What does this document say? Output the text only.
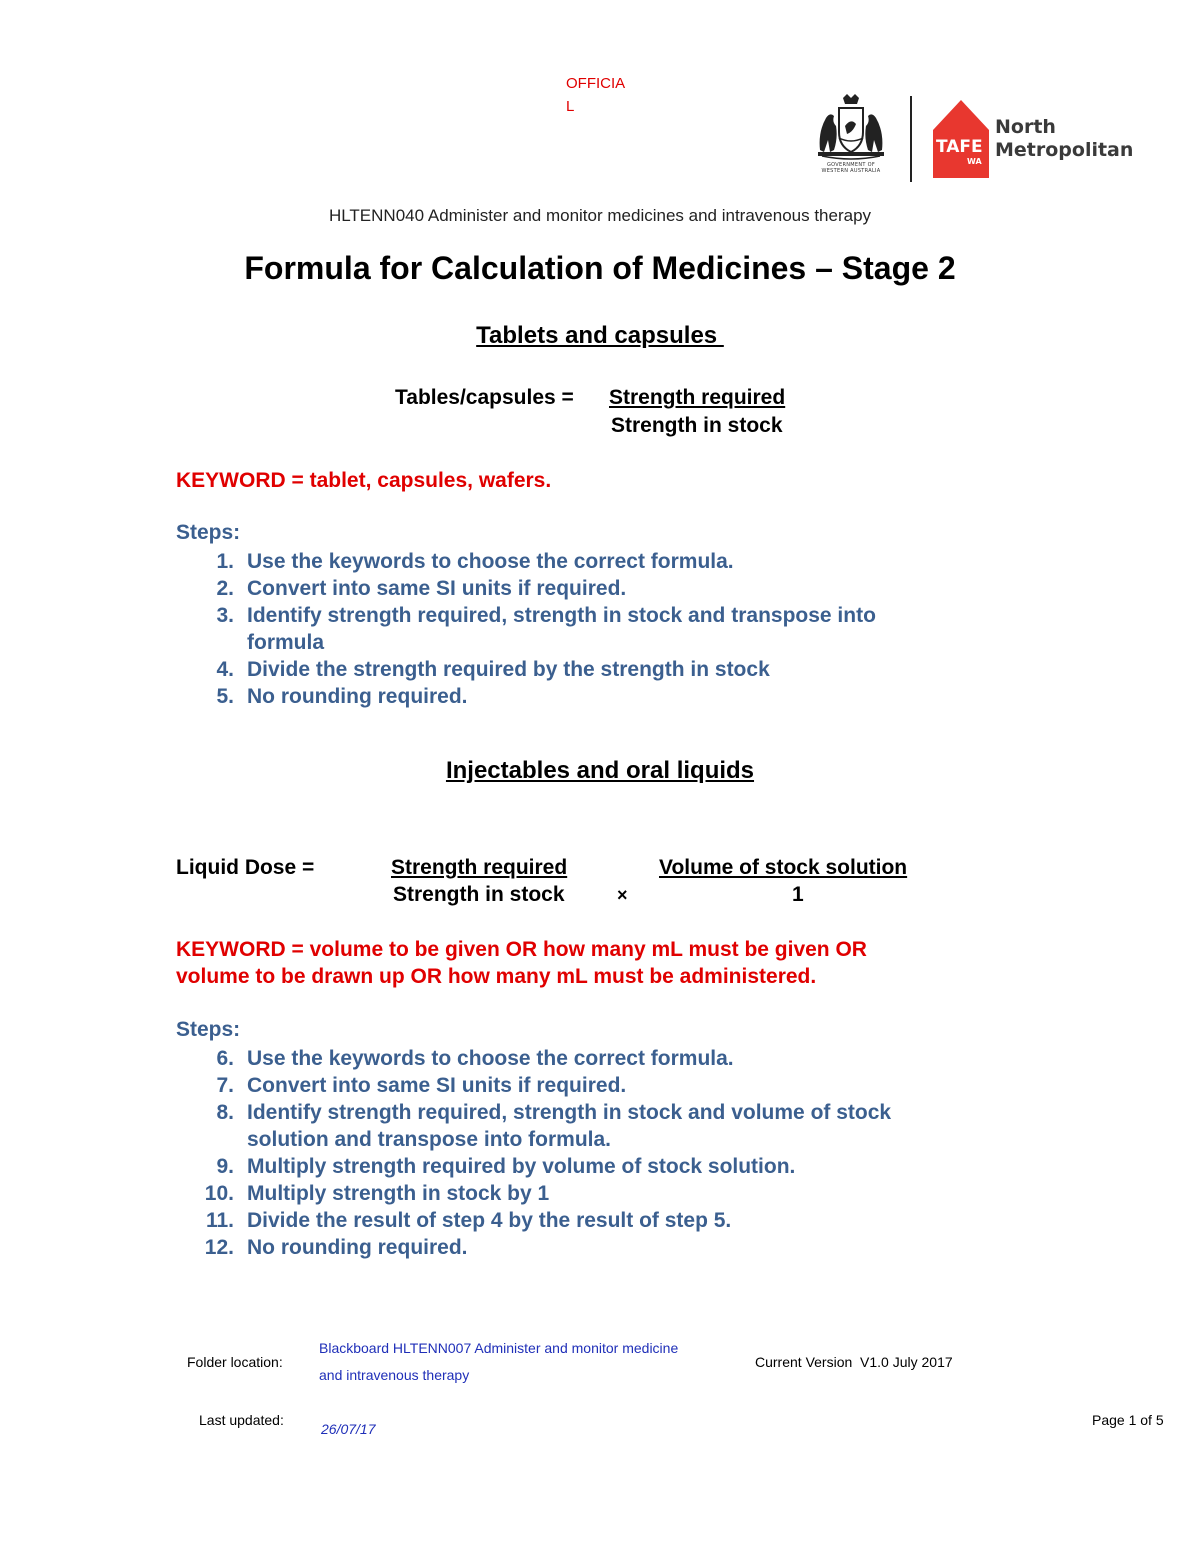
OFFICIA
L
GOVERNMENT OF
WESTERN AUSTRALIA
TAFE
WA
North
Metropolitan
HLTENN040 Administer and monitor medicines and intravenous therapy
Formula for Calculation of Medicines – Stage 2
Tablets and capsules
Tables/capsules = Strength required
Strength in stock
KEYWORD = tablet, capsules, wafers.
Steps:
1. Use the keywords to choose the correct formula.
2. Convert into same SI units if required.
3. Identify strength required, strength in stock and transpose into
formula
4. Divide the strength required by the strength in stock
5. No rounding required.
Injectables and oral liquids
Liquid Dose =	Strength required
Strength in stock	×
Volume of stock solution
1
KEYWORD = volume to be given OR how many mL must be given OR
volume to be drawn up OR how many mL must be administered.
Steps:
6. Use the keywords to choose the correct formula.
7. Convert into same SI units if required.
8. Identify strength required, strength in stock and volume of stock
solution and transpose into formula.
9. Multiply strength required by volume of stock solution.
10. Multiply strength in stock by 1
11. Divide the result of step 4 by the result of step 5.
12. No rounding required.
Folder location:
Blackboard HLTENN007 Administer and monitor medicine
and intravenous therapy
Current Version  V1.0 July 2017
Last updated:
26/07/17
Page 1 of 5
